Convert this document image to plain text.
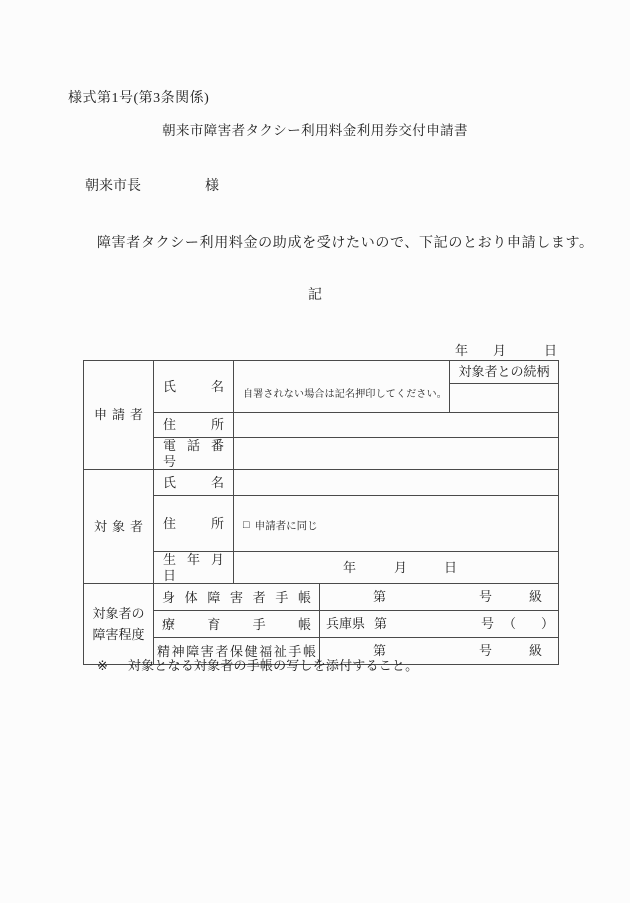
様式第1号(第3条関係)
朝来市障害者タクシー利用料金利用券交付申請書
朝来市長	様
障害者タクシー利用料金の助成を受けたいので、下記のとおり申請します。
記
年 月	日
申 請 者	氏 名	自署されない場合は記名押印してください。		対象者との続柄

	住 所			
	電 話 番 号			
対 象 者	氏 名			
	住 所	□ 申請者に同じ		

	生 年 月 日	年 月 日		

対象者の
障害程度
	身 体 障 害 者 手 帳	第	号	級

	療 育 手 帳		兵庫県 第 号 （ ）	

	精神障害者保健福祉手帳		第 号 級	
※ 対象となる対象者の手帳の写しを添付すること。
